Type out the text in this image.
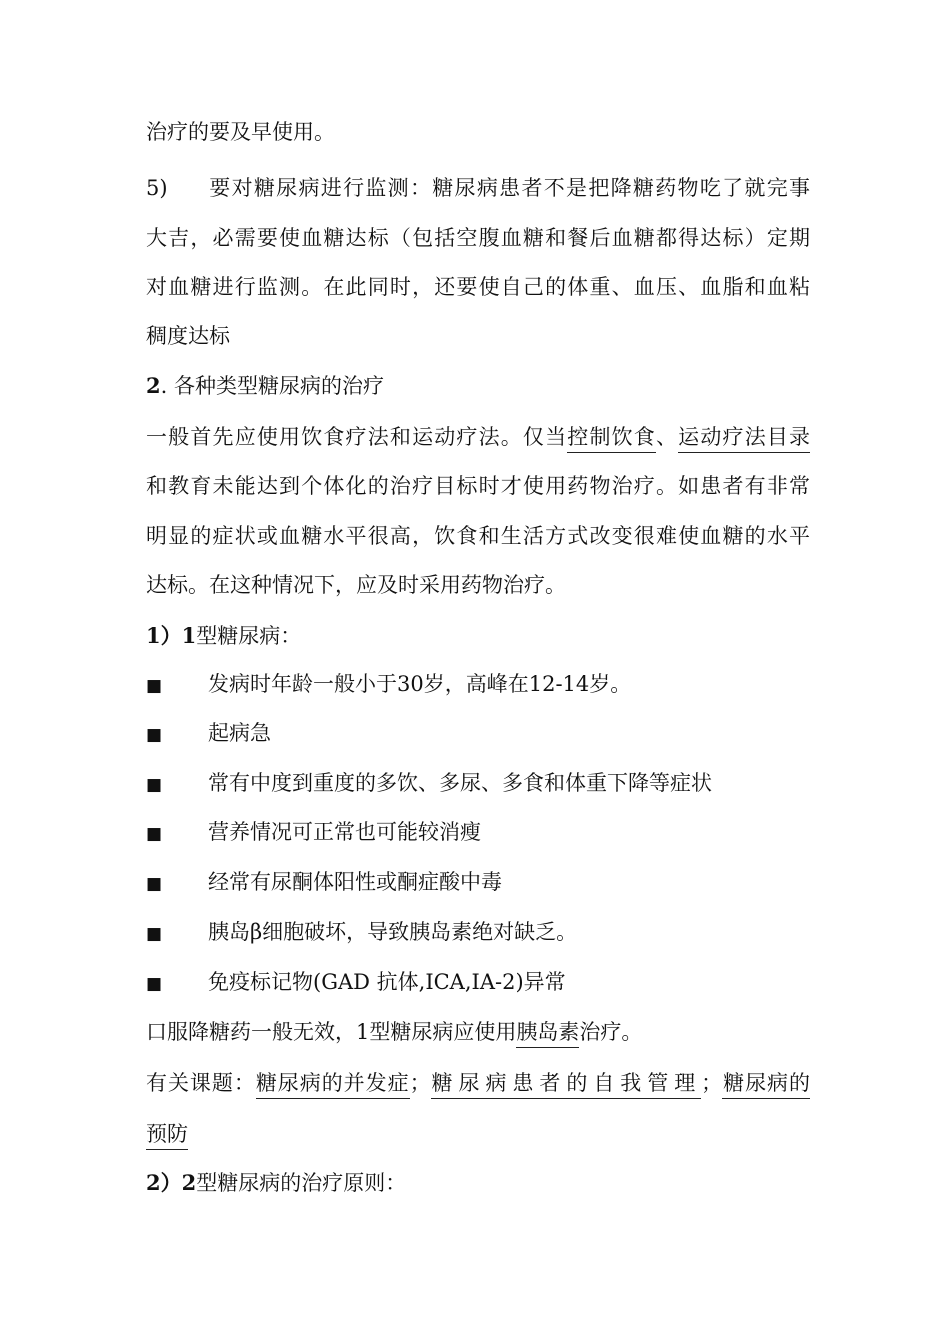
治疗的要及早使用。
5) 要对糖尿病进行监测：糖尿病患者不是把降糖药物吃了就完事
大吉，必需要使血糖达标（包括空腹血糖和餐后血糖都得达标）定期
对血糖进行监测。在此同时，还要使自己的体重、血压、血脂和血粘
稠度达标
2. 各种类型糖尿病的治疗
一般首先应使用饮食疗法和运动疗法。仅当控制饮食、运动疗法目录
和教育未能达到个体化的治疗目标时才使用药物治疗。如患者有非常
明显的症状或血糖水平很高，饮食和生活方式改变很难使血糖的水平
达标。在这种情况下，应及时采用药物治疗。
1）1型糖尿病：
■ 发病时年龄一般小于30岁，高峰在12-14岁。
■ 起病急
■ 常有中度到重度的多饮、多尿、多食和体重下降等症状
■ 营养情况可正常也可能较消瘦
■ 经常有尿酮体阳性或酮症酸中毒
■ 胰岛β细胞破坏，导致胰岛素绝对缺乏。
■ 免疫标记物(GAD 抗体,ICA,IA-2)异常
口服降糖药一般无效，1型糖尿病应使用胰岛素治疗。
有关课题：糖尿病的并发症；糖尿病患者的自我管理；糖尿病的
预防
2）2型糖尿病的治疗原则：
